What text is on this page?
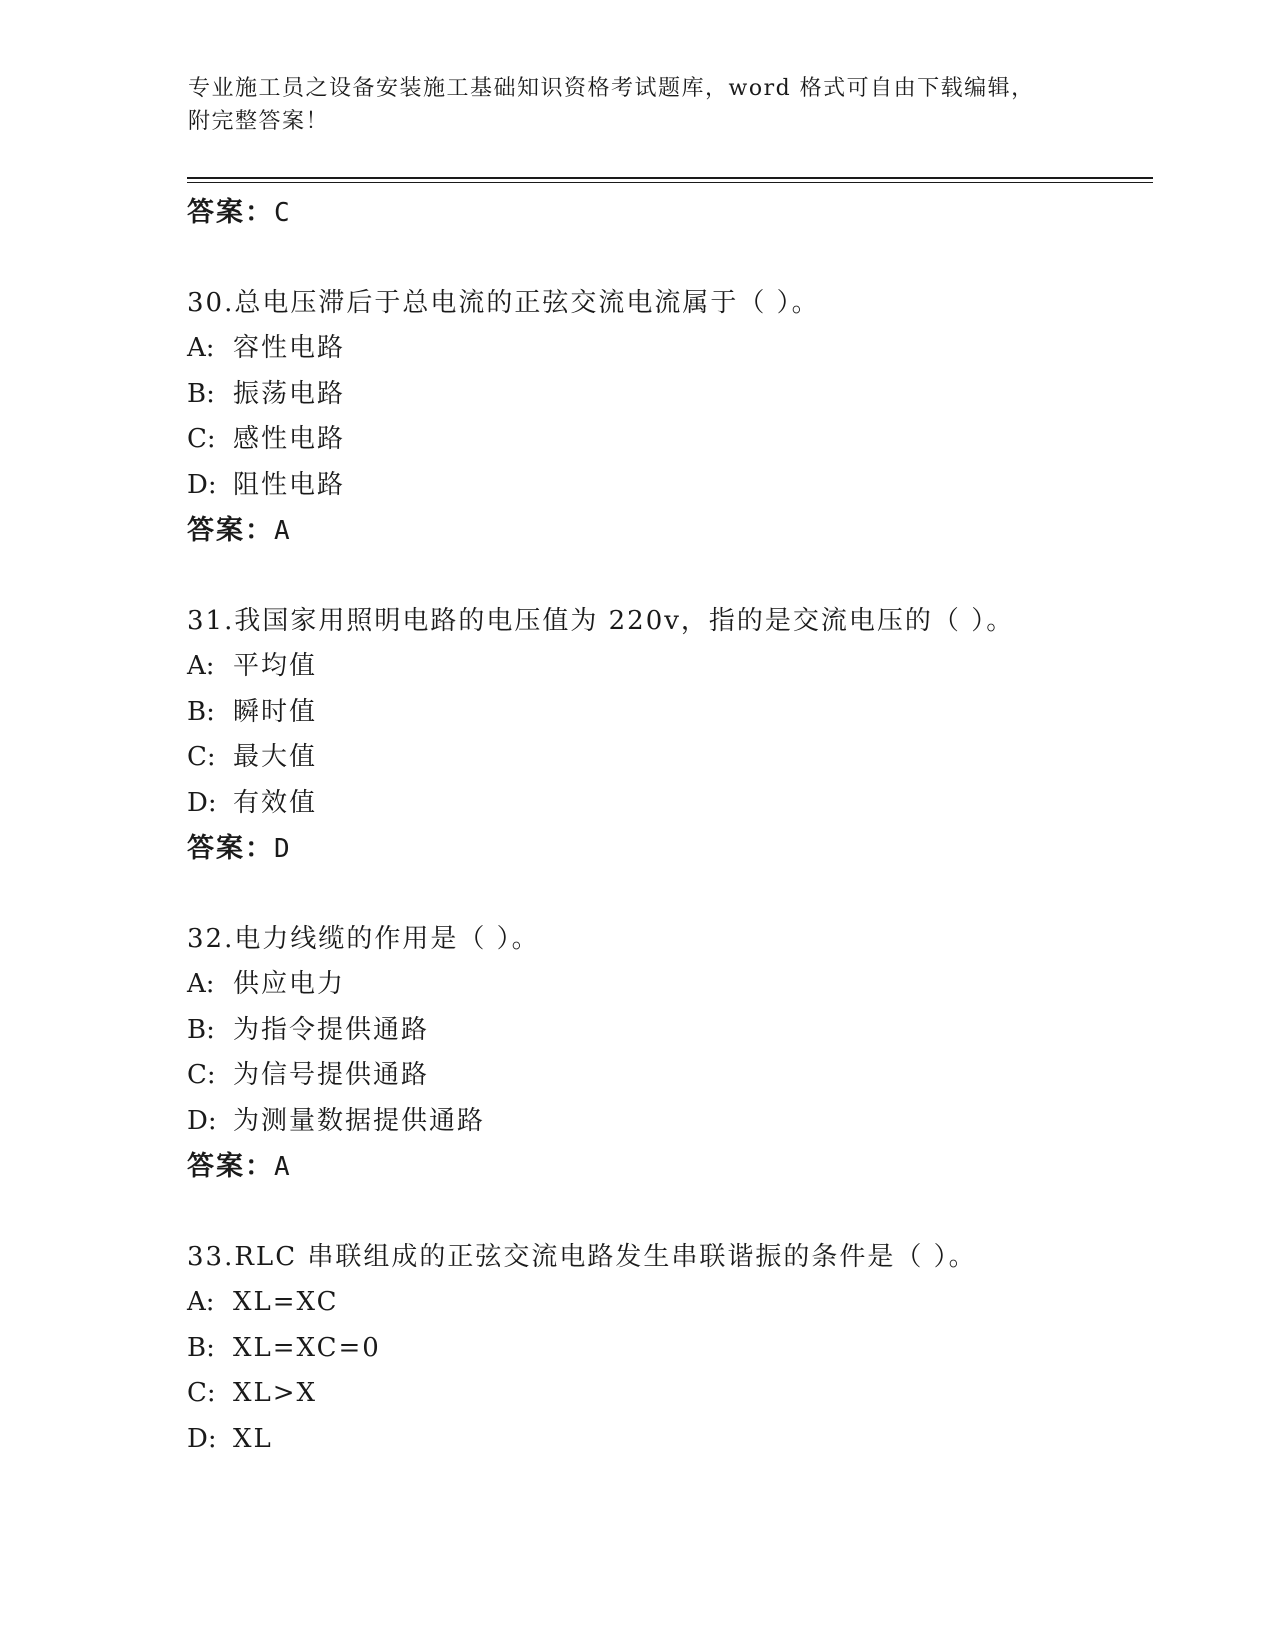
专业施工员之设备安装施工基础知识资格考试题库，word 格式可自由下载编辑，
附完整答案！
答案：C
30.总电压滞后于总电流的正弦交流电流属于（ ）。
A: 容性电路
B: 振荡电路
C: 感性电路
D: 阻性电路
答案：A
31.我国家用照明电路的电压值为 220v，指的是交流电压的（ ）。
A: 平均值
B: 瞬时值
C: 最大值
D: 有效值
答案：D
32.电力线缆的作用是（ ）。
A: 供应电力
B: 为指令提供通路
C: 为信号提供通路
D: 为测量数据提供通路
答案：A
33.RLC 串联组成的正弦交流电路发生串联谐振的条件是（ ）。
A: XL=XC
B: XL=XC=0
C: XL>X
D: XL
